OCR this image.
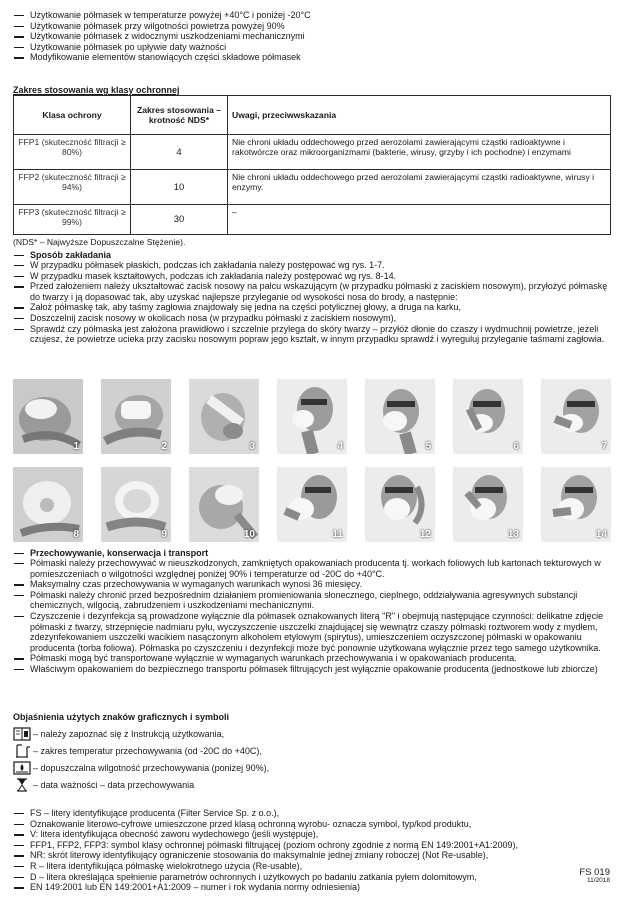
Użytkowanie półmasek w temperaturze powyżej +40°C i poniżej -20°C
Użytkowanie półmasek przy wilgotności powietrza powyżej 90%
Użytkowanie półmasek z widocznymi uszkodzeniami mechanicznymi
Użytkowanie półmasek po upływie daty ważności
Modyfikowanie elementów stanowiących części składowe półmasek
Zakres stosowania wg klasy ochronnej
Klasa ochrony	Zakres stosowania – krotność NDS*	Uwagi, przeciwwskazania
FFP1 (skuteczność filtracji ≥ 80%)	4	Nie chroni układu oddechowego przed aerozolami zawierającymi cząstki radioaktywne i rakotwórcze oraz mikroorganizmami (bakterie, wirusy, grzyby i ich pochodne) i enzymami
FFP2 (skuteczność filtracji ≥ 94%)	10	Nie chroni układu oddechowego przed aerozolami zawierającymi cząstki radioaktywne, wirusy i enzymy.
FFP3 (skuteczność filtracji ≥ 99%)	30	–
(NDS* – Najwyższe Dopuszczalne Stężenie).
Sposób zakładania
W przypadku półmasek płaskich, podczas ich zakładania należy postępować wg rys. 1-7.
W przypadku masek kształtowych, podczas ich zakładania należy postępować wg rys. 8-14.
Przed założeniem należy ukształtować zacisk nosowy na palcu wskazującym (w przypadku półmaski z zaciskiem nosowym), przyłożyć półmaskę do twarzy i ją dopasować tak, aby uzyskać najlepsze przyleganie od wysokości nosa do brody, a następnie:
Założ półmaskę tak, aby taśmy zagłowia znajdowały się jedna na części potylicznej głowy, a druga na karku,
Doszczelnij zacisk nosowy w okolicach nosa (w przypadku półmaski z zaciskiem nosowym),
Sprawdź czy półmaska jest założona prawidłowo i szczelnie przylega do skóry twarzy – przyłóż dłonie do czaszy i wydmuchnij powietrze, jeżeli czujesz, że powietrze ucieka przy zacisku nosowym popraw jego kształt, w innym przypadku sprawdź i wyreguluj przyleganie taśmami zagłowia.
1	2	3	4	5	6	7
8	9	10	11	12	13	14
Przechowywanie, konserwacja i transport
Półmaski należy przechowywać w nieuszkodzonych, zamkniętych opakowaniach producenta tj. workach foliowych lub kartonach tekturowych w pomieszczeniach o wilgotności względnej poniżej 90% i temperaturze od -20C do +40°C.
Maksymalny czas przechowywania w wymaganych warunkach wynosi 36 miesięcy.
Półmaski należy chronić przed bezpośrednim działaniem promieniowania słonecznego, cieplnego, oddziaływania agresywnych substancji chemicznych, wilgocią, zabrudzeniem i uszkodzeniami mechanicznymi.
Czyszczenie i dezynfekcja są prowadzone wyłącznie dla półmasek oznakowanych literą "R" i obejmują następujące czynności: delikatne zdjęcie półmaski z twarzy, strzepnięcie nadmiaru pyłu, wyczyszczenie uszczelki znajdującej się wewnątrz czaszy półmaski roztworem wody z mydłem, zdezynfekowaniem uszczelki wacikiem nasączonym alkoholem etylowym (spirytus), umieszczeniem oczyszczonej półmaski w opakowaniu producenta (torba foliowa). Półmaska po czyszczeniu i dezynfekcji może być ponownie użytkowana wyłącznie przez tego samego użytkownika.
Półmaski mogą być transportowane wyłącznie w wymaganych warunkach przechowywania i w opakowaniach producenta.
Właściwym opakowaniem do bezpiecznego transportu półmasek filtrujących jest wyłącznie opakowanie producenta (jednostkowe lub zbiorcze)
Objaśnienia użytych znaków graficznych i symboli
– należy zapoznać się z Instrukcją użytkowania,
– zakres temperatur przechowywania (od -20C do +40C),
– dopuszczalna wilgotność przechowywania (poniżej 90%),
– data ważności – data przechowywania
FS – litery identyfikujące producenta (Filter Service Sp. z o.o.),
Oznakowanie literowo-cyfrowe umieszczone przed klasą ochronną wyrobu- oznacza symbol, typ/kod produktu,
V: litera identyfikująca obecność zaworu wydechowego (jeśli występuje),
FFP1, FFP2, FFP3: symbol klasy ochronnej półmaski filtrującej (poziom ochrony zgodnie z normą EN 149:2001+A1:2009),
NR: skrót literowy identyfikujący ograniczenie stosowania do maksymalnie jednej zmiany roboczej (Not Re-usable),
R – litera identyfikująca półmaskę wielokrotnego użycia (Re-usable),
D – litera określająca spełnienie parametrów ochronnych i użytkowych po badaniu zatkania pyłem dolomitowym,
EN 149:2001 lub EN 149:2001+A1:2009 – numer i rok wydania normy odniesienia)
FS 019
11/2018
